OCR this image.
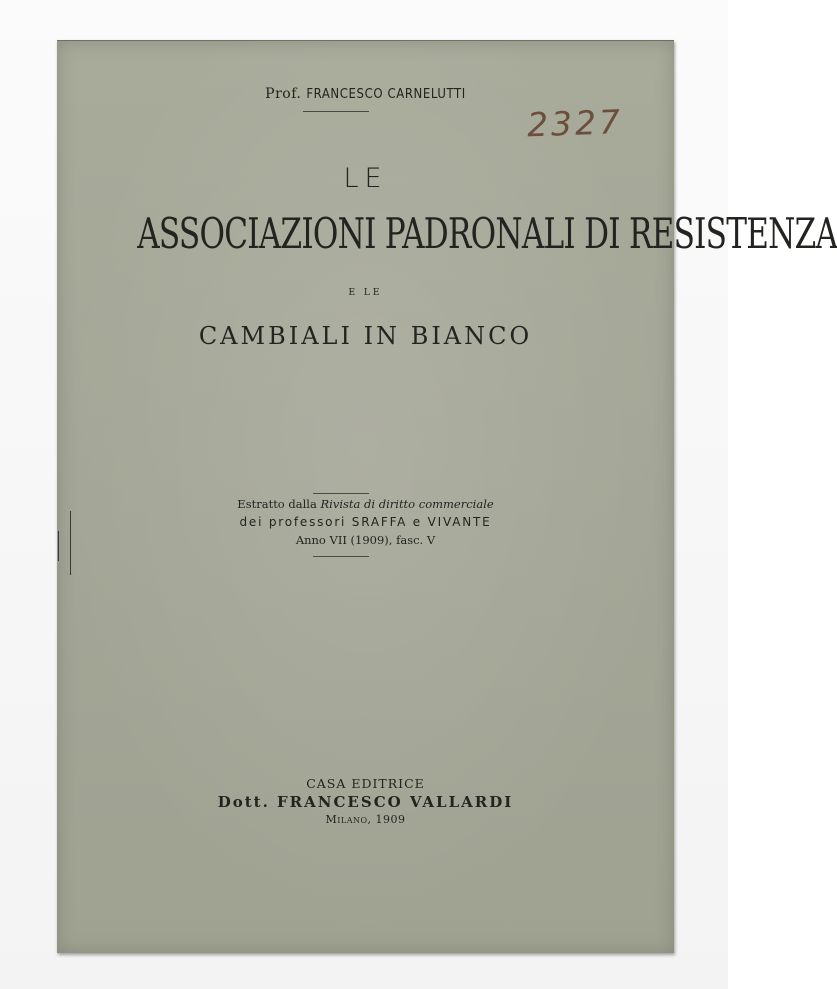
Prof. FRANCESCO CARNELUTTI
2327
LE
ASSOCIAZIONI PADRONALI DI RESISTENZA
E LE
CAMBIALI IN BIANCO
Estratto dalla Rivista di diritto commerciale
dei professori SRAFFA e VIVANTE
Anno VII (1909), fasc. V
CASA EDITRICE
Dott. FRANCESCO VALLARDI
Milano, 1909
